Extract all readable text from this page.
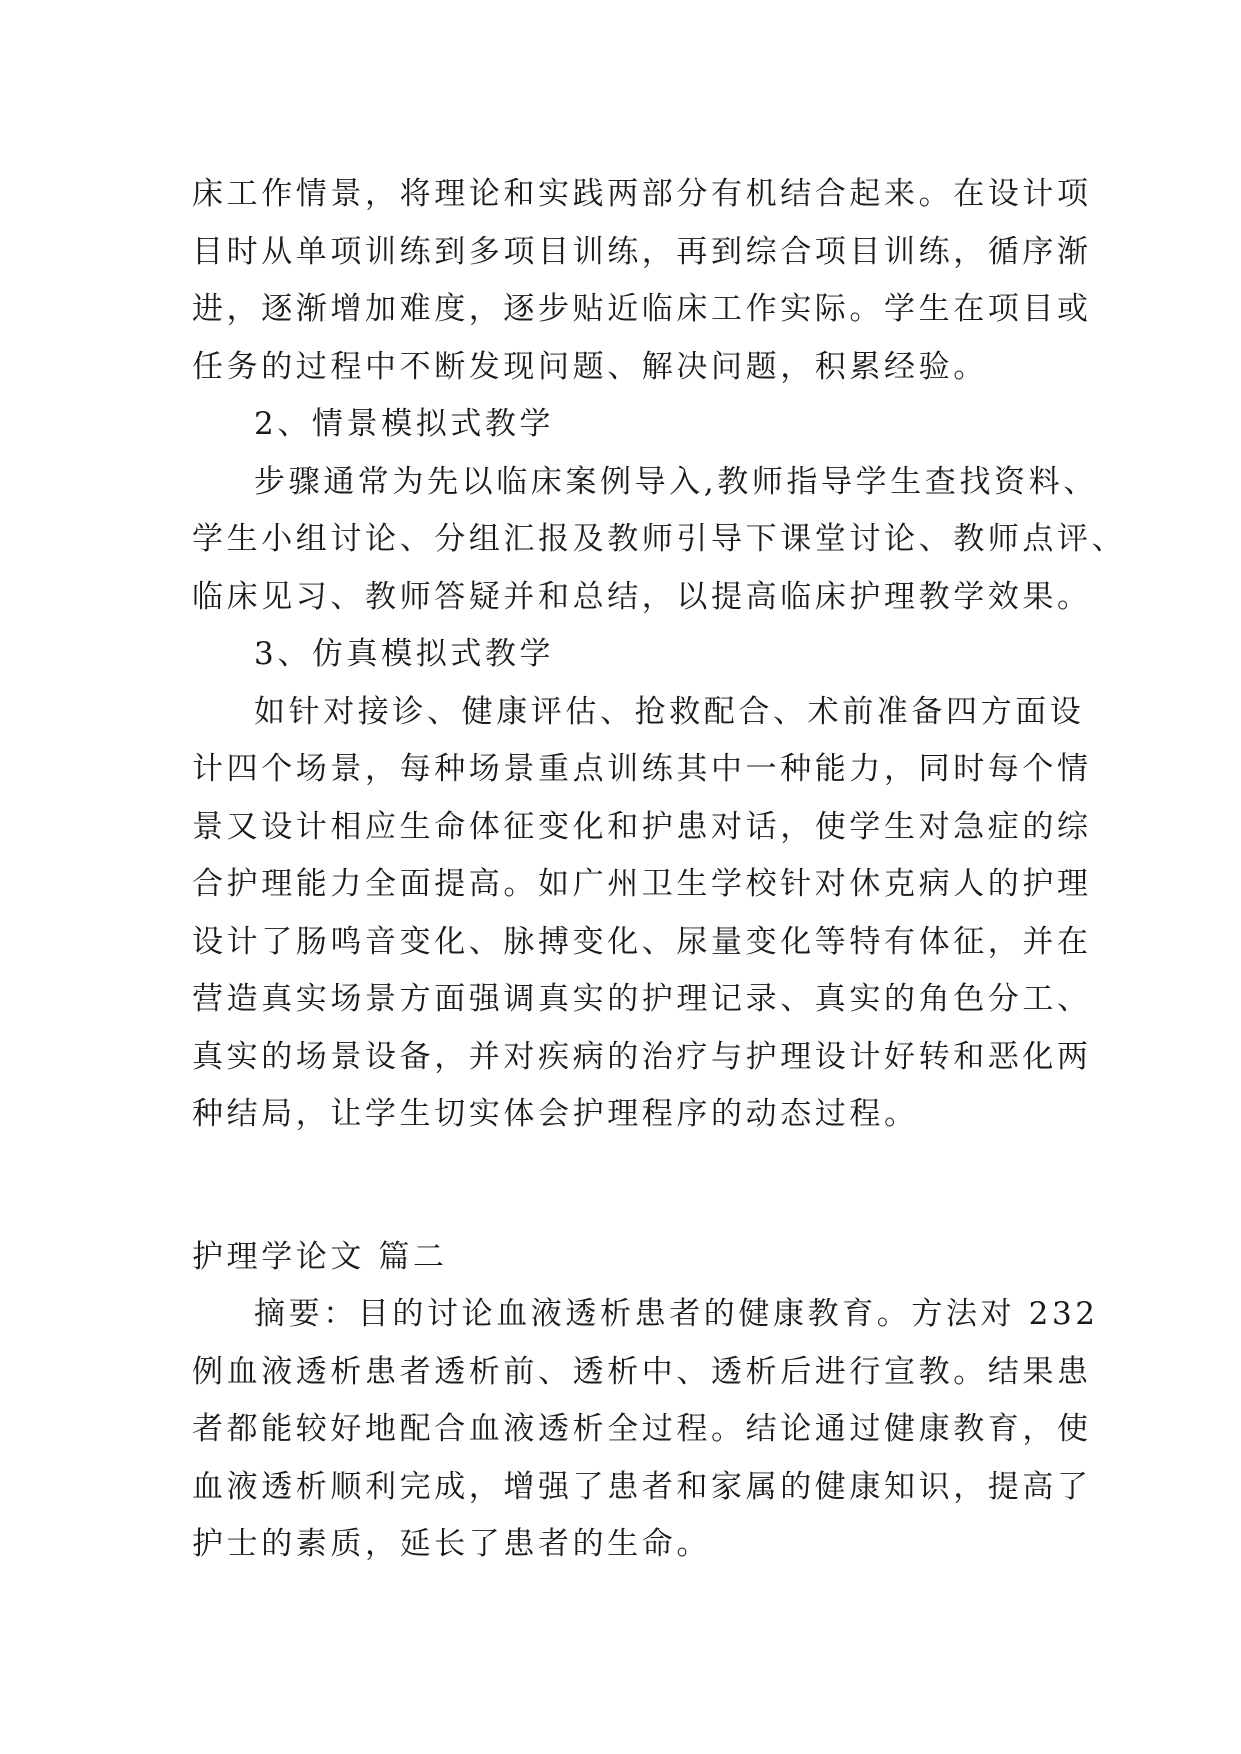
床工作情景，将理论和实践两部分有机结合起来。在设计项
目时从单项训练到多项目训练，再到综合项目训练，循序渐
进，逐渐增加难度，逐步贴近临床工作实际。学生在项目或
任务的过程中不断发现问题、解决问题，积累经验。
2、情景模拟式教学
步骤通常为先以临床案例导入,教师指导学生查找资料、
学生小组讨论、分组汇报及教师引导下课堂讨论、教师点评、
临床见习、教师答疑并和总结，以提高临床护理教学效果。
3、仿真模拟式教学
如针对接诊、健康评估、抢救配合、术前准备四方面设
计四个场景，每种场景重点训练其中一种能力，同时每个情
景又设计相应生命体征变化和护患对话，使学生对急症的综
合护理能力全面提高。如广州卫生学校针对休克病人的护理
设计了肠鸣音变化、脉搏变化、尿量变化等特有体征，并在
营造真实场景方面强调真实的护理记录、真实的角色分工、
真实的场景设备，并对疾病的治疗与护理设计好转和恶化两
种结局，让学生切实体会护理程序的动态过程。
护理学论文 篇二
摘要：目的讨论血液透析患者的健康教育。方法对 232
例血液透析患者透析前、透析中、透析后进行宣教。结果患
者都能较好地配合血液透析全过程。结论通过健康教育，使
血液透析顺利完成，增强了患者和家属的健康知识，提高了
护士的素质，延长了患者的生命。
